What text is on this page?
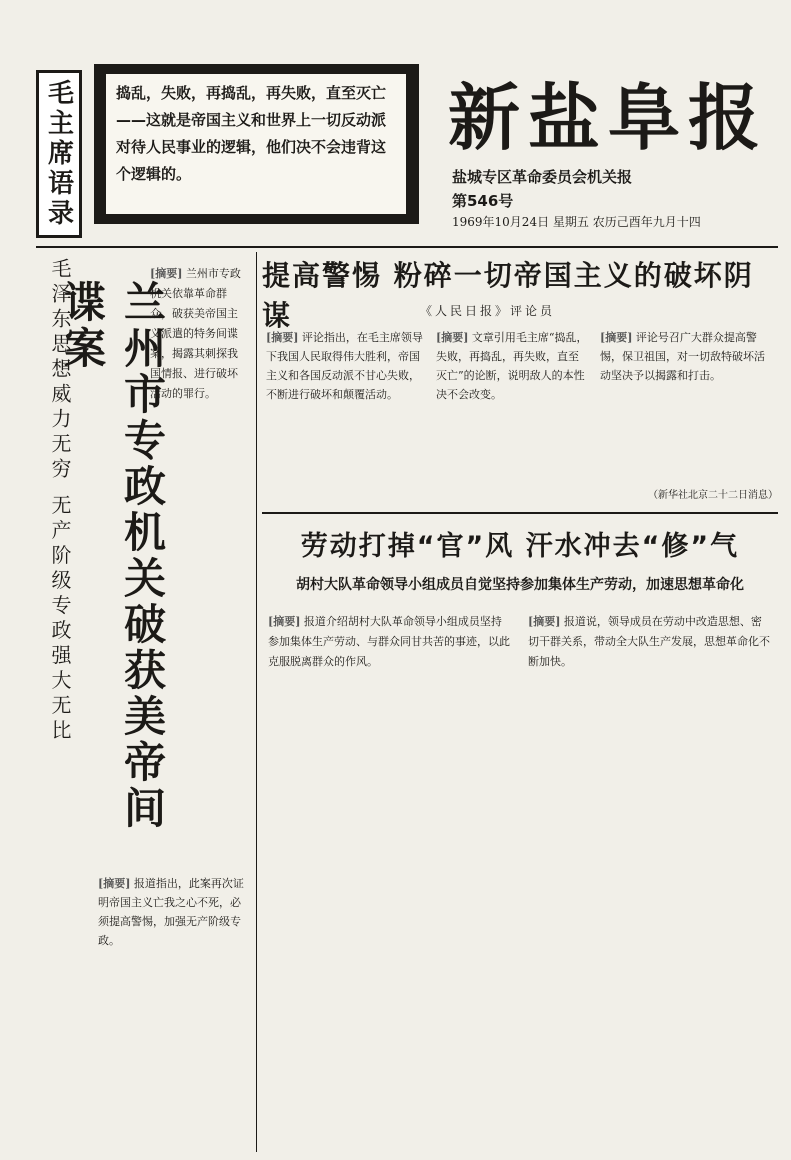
毛主席语录	捣乱，失败，再捣乱，再失败，直至灭亡——这就是帝国主义和世界上一切反动派对待人民事业的逻辑，他们决不会违背这个逻辑的。
新盐阜报
盐城专区革命委员会机关报
第546号
1969年10月24日 星期五 农历己酉年九月十四
毛泽东思想威力无穷 无产阶级专政强大无比	兰州市专政机关破获美帝间谍案
[摘要] 兰州市专政机关依靠革命群众，破获美帝国主义派遣的特务间谍案，揭露其刺探我国情报、进行破坏活动的罪行。
[摘要] 报道指出，此案再次证明帝国主义亡我之心不死，必须提高警惕，加强无产阶级专政。
提高警惕 粉碎一切帝国主义的破坏阴谋	《人民日报》评论员
[摘要] 评论指出，在毛主席领导下我国人民取得伟大胜利，帝国主义和各国反动派不甘心失败，不断进行破坏和颠覆活动。
[摘要] 文章引用毛主席“捣乱，失败，再捣乱，再失败，直至灭亡”的论断，说明敌人的本性决不会改变。
[摘要] 评论号召广大群众提高警惕，保卫祖国，对一切敌特破坏活动坚决予以揭露和打击。
（新华社北京二十二日消息）
劳动打掉“官”风 汗水冲去“修”气
胡村大队革命领导小组成员自觉坚持参加集体生产劳动，加速思想革命化
[摘要] 报道介绍胡村大队革命领导小组成员坚持参加集体生产劳动、与群众同甘共苦的事迹，以此克服脱离群众的作风。
[摘要] 报道说，领导成员在劳动中改造思想、密切干群关系，带动全大队生产发展，思想革命化不断加快。
